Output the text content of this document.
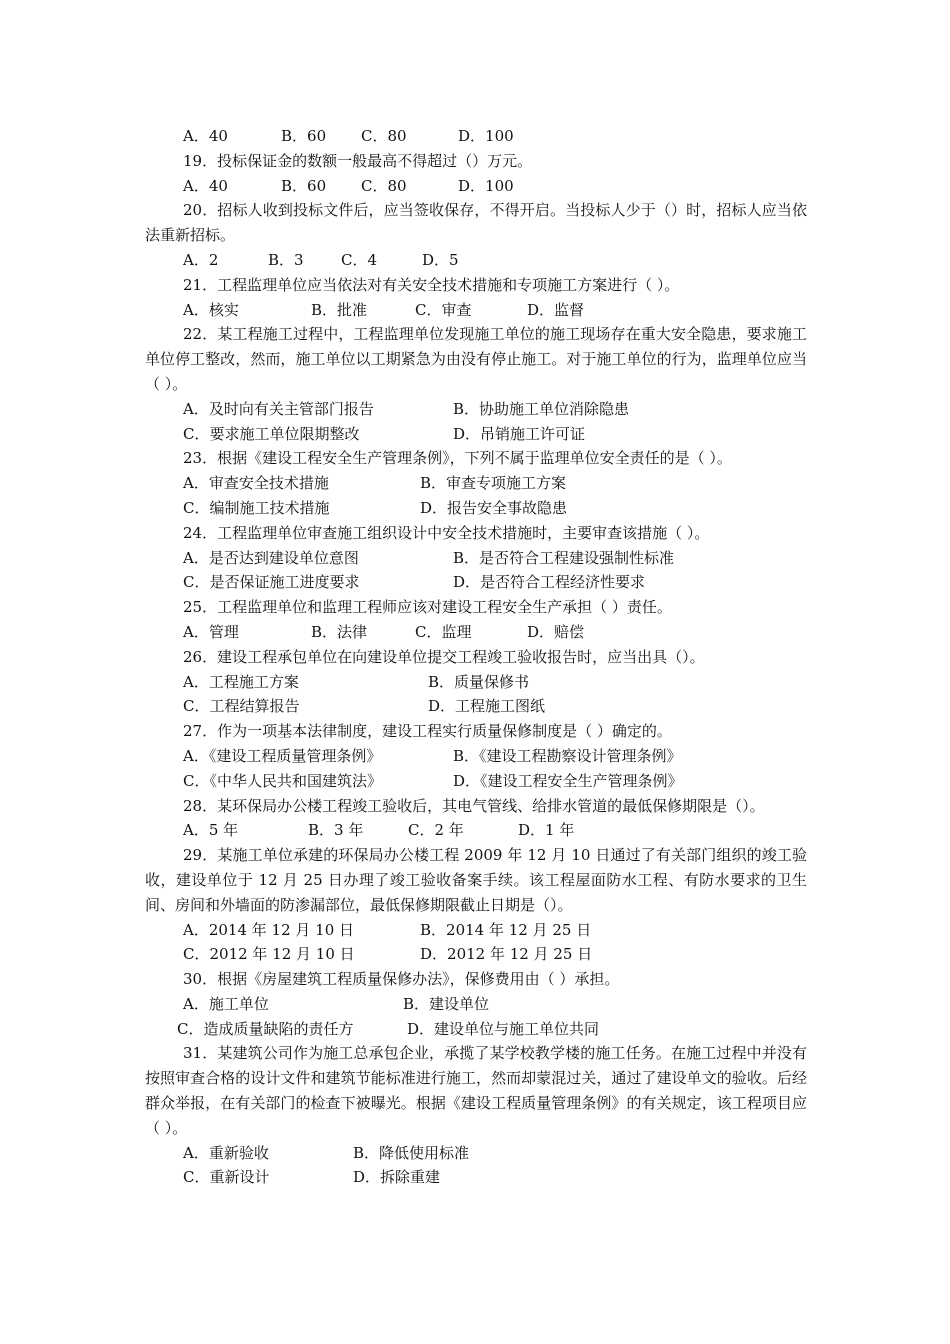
A．40	B．60 C．80	D．100
19．投标保证金的数额一般最高不得超过（）万元。
A．40	B．60 C．80	D．100
20．招标人收到投标文件后，应当签收保存，不得开启。当投标人少于（）时，招标人应当依法重新招标。
A．2	B．3 C．4	D．5
21．工程监理单位应当依法对有关安全技术措施和专项施工方案进行（ ）。
A．核实	B．批准	C．审查	D．监督
22．某工程施工过程中，工程监理单位发现施工单位的施工现场存在重大安全隐患，要求施工单位停工整改，然而，施工单位以工期紧急为由没有停止施工。对于施工单位的行为，监理单位应当（ ）。
A．及时向有关主管部门报告	B．协助施工单位消除隐患
C．要求施工单位限期整改	D．吊销施工许可证
23．根据《建设工程安全生产管理条例》，下列不属于监理单位安全责任的是（ ）。
A．审查安全技术措施	B．审查专项施工方案
C．编制施工技术措施	D．报告安全事故隐患
24．工程监理单位审查施工组织设计中安全技术措施时，主要审查该措施（ ）。
A．是否达到建设单位意图	B．是否符合工程建设强制性标准
C．是否保证施工进度要求	D．是否符合工程经济性要求
25．工程监理单位和监理工程师应该对建设工程安全生产承担（ ）责任。
A．管理	B．法律	C．监理	D．赔偿
26．建设工程承包单位在向建设单位提交工程竣工验收报告时，应当出具（）。
A．工程施工方案	B．质量保修书
C．工程结算报告	D．工程施工图纸
27．作为一项基本法律制度，建设工程实行质量保修制度是（ ）确定的。
A．《建设工程质量管理条例》	B．《建设工程勘察设计管理条例》
C．《中华人民共和国建筑法》	D．《建设工程安全生产管理条例》
28．某环保局办公楼工程竣工验收后，其电气管线、给排水管道的最低保修期限是（）。
A．5 年	B．3 年	C．2 年	D．1 年
29．某施工单位承建的环保局办公楼工程 2009 年 12 月 10 日通过了有关部门组织的竣工验收，建设单位于 12 月 25 日办理了竣工验收备案手续。该工程屋面防水工程、有防水要求的卫生间、房间和外墙面的防渗漏部位，最低保修期限截止日期是（）。
A．2014 年 12 月 10 日	B．2014 年 12 月 25 日
C．2012 年 12 月 10 日	D．2012 年 12 月 25 日
30．根据《房屋建筑工程质量保修办法》，保修费用由（ ）承担。
A．施工单位	B．建设单位
C．造成质量缺陷的责任方	D．建设单位与施工单位共同
31．某建筑公司作为施工总承包企业，承揽了某学校教学楼的施工任务。在施工过程中并没有按照审查合格的设计文件和建筑节能标准进行施工，然而却蒙混过关，通过了建设单文的验收。后经群众举报，在有关部门的检查下被曝光。根据《建设工程质量管理条例》的有关规定，该工程项目应（ ）。
A．重新验收	B．降低使用标准
C．重新设计	D．拆除重建
